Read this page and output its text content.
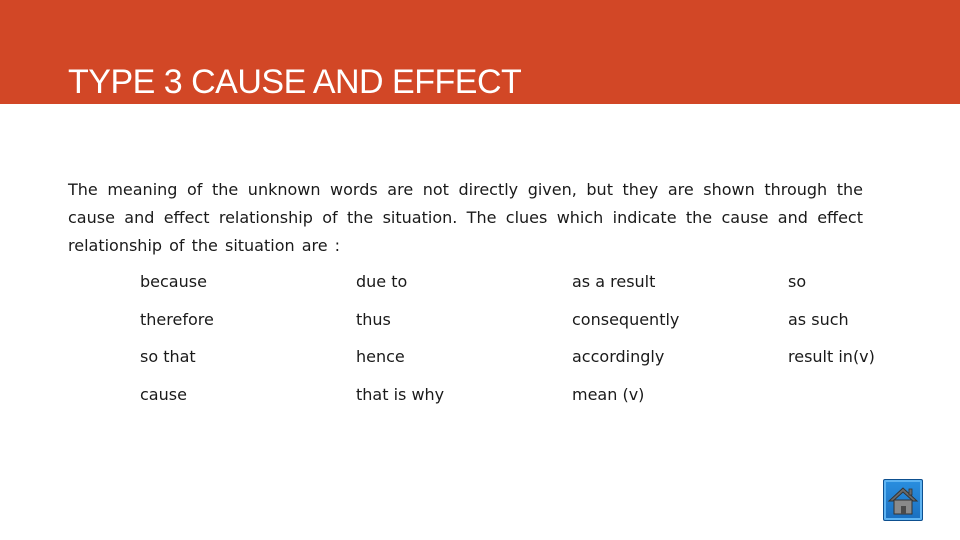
TYPE 3 CAUSE AND EFFECT

The meaning of the unknown words are not directly given, but they are shown through the cause and effect relationship of the situation. The clues which indicate the cause and effect relationship of the situation are :

because	due to	as a result	so
therefore	thus	consequently	as such
so that	hence	accordingly	result in(v)
cause	that is why	mean (v)
